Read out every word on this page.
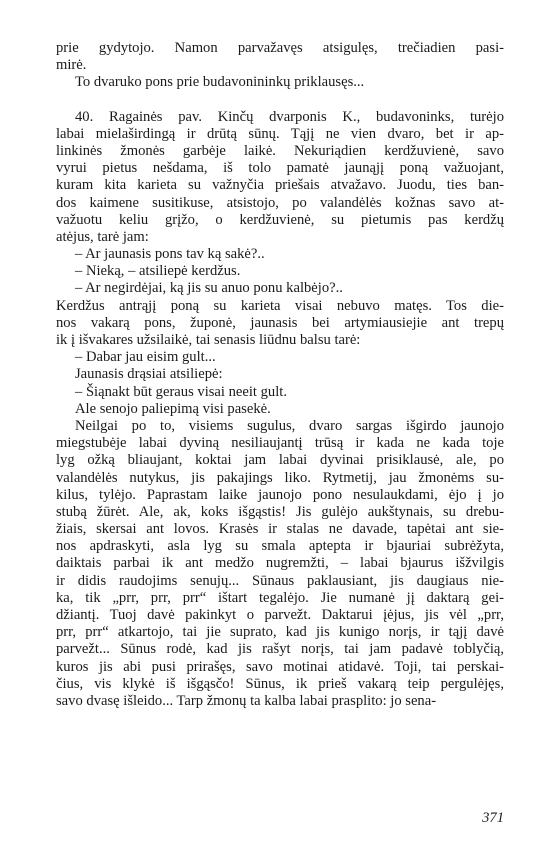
prie gydytojo. Namon parvažavęs atsigulęs, trečiadien pasi-
mirė.
To dvaruko pons prie budavonininkų priklausęs...
40. Ragainės pav. Kinčų dvarponis K., budavoninks, turėjo
labai mielaširdingą ir drūtą sūnų. Tąjį ne vien dvaro, bet ir ap-
linkinės žmonės garbėje laikė. Nekuriądien kerdžuvienė, savo
vyrui pietus nešdama, iš tolo pamatė jaunąjį poną važuojant,
kuram kita karieta su važnyčia priešais atvažavo. Juodu, ties ban-
dos kaimene susitikuse, atsistojo, po valandėlės kožnas savo at-
važuotu keliu grįžo, o kerdžuvienė, su pietumis pas kerdžų
atėjus, tarė jam:
– Ar jaunasis pons tav ką sakė?..
– Nieką, – atsiliepė kerdžus.
– Ar negirdėjai, ką jis su anuo ponu kalbėjo?..
Kerdžus antrąjį poną su karieta visai nebuvo matęs. Tos die-
nos vakarą pons, župonė, jaunasis bei artymiausiejie ant trepų
ik į išvakares užsilaikė, tai senasis liūdnu balsu tarė:
– Dabar jau eisim gult...
Jaunasis drąsiai atsiliepė:
– Šiąnakt būt geraus visai neeit gult.
Ale senojo paliepimą visi pasekė.
Neilgai po to, visiems sugulus, dvaro sargas išgirdo jaunojo
miegstubėje labai dyviną nesiliaujantį trūsą ir kada ne kada toje
lyg ožką bliaujant, koktai jam labai dyvinai prisiklausė, ale, po
valandėlės nutykus, jis pakajings liko. Rytmetij, jau žmonėms su-
kilus, tylėjo. Paprastam laike jaunojo pono nesulaukdami, ėjo į jo
stubą žūrėt. Ale, ak, koks išgąstis! Jis gulėjo aukštynais, su drebu-
žiais, skersai ant lovos. Krasės ir stalas ne davade, tapėtai ant sie-
nos apdraskyti, asla lyg su smala aptepta ir bjauriai subrėžyta,
daiktais parbai ik ant medžo nugremžti, – labai bjaurus išžvilgis
ir didis raudojims senujų... Sūnaus paklausiant, jis daugiaus nie-
ka, tik „prr, prr, prr“ ištart tegalėjo. Jie numanė jį daktarą gei-
džiantį. Tuoj davė pakinkyt o parvežt. Daktarui įėjus, jis vėl „prr,
prr, prr“ atkartojo, tai jie suprato, kad jis kunigo norįs, ir tąjį davė
parvežt... Sūnus rodė, kad jis rašyt norįs, tai jam padavė toblyčią,
kuros jis abi pusi prirašęs, savo motinai atidavė. Toji, tai perskai-
čius, vis klykė iš išgąsčo! Sūnus, ik prieš vakarą teip pergulėjęs,
savo dvasę išleido... Tarp žmonų ta kalba labai prasplito: jo sena-
371
